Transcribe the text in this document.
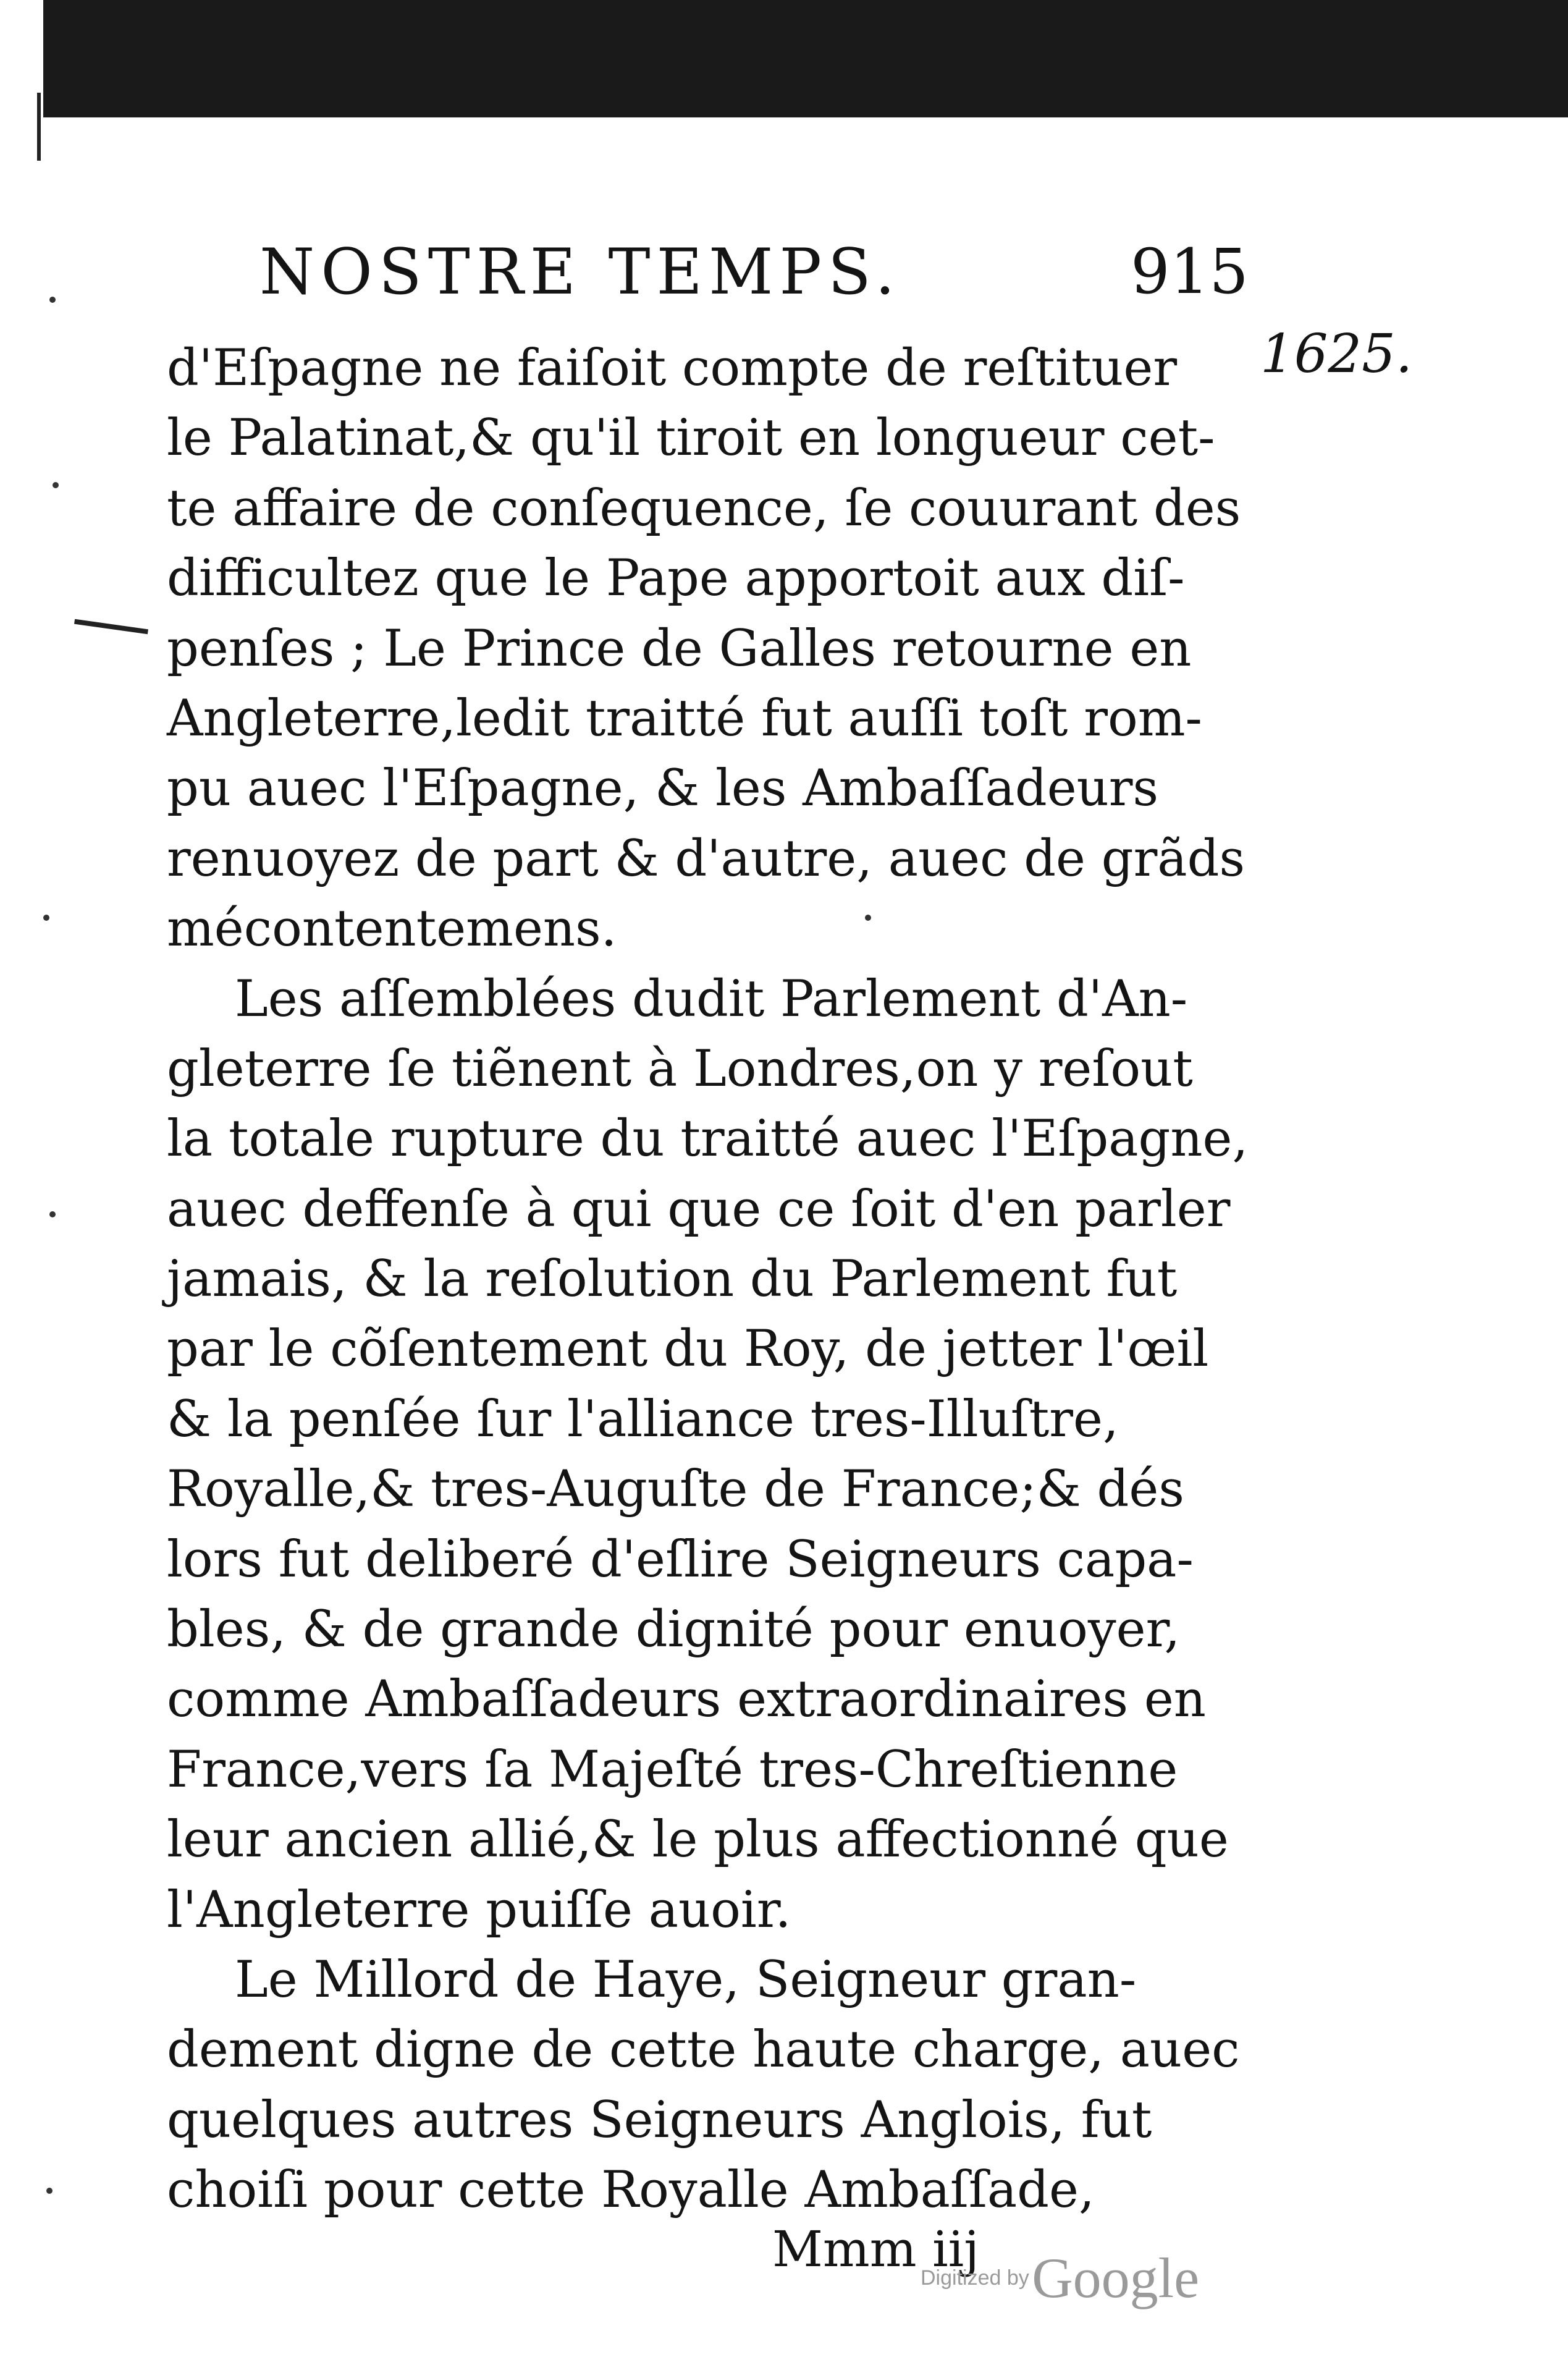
NOSTRE TEMPS.	915
1625.
d'Eſpagne ne faiſoit compte de reſtituer
le Palatinat,& qu'il tiroit en longueur cet-
te affaire de conſequence, ſe couurant des
difficultez que le Pape apportoit aux diſ-
penſes ; Le Prince de Galles retourne en
Angleterre,ledit traitté fut auſſi toſt rom-
pu auec l'Eſpagne, & les Ambaſſadeurs
renuoyez de part & d'autre, auec de grãds
mécontentemens.
Les aſſemblées dudit Parlement d'An-
gleterre ſe tiẽnent à Londres,on y reſout
la totale rupture du traitté auec l'Eſpagne,
auec deffenſe à qui que ce ſoit d'en parler
jamais, & la reſolution du Parlement fut
par le cõſentement du Roy, de jetter l'œil
& la penſée ſur l'alliance tres-Illuſtre,
Royalle,& tres-Auguſte de France;& dés
lors fut deliberé d'eſlire Seigneurs capa-
bles, & de grande dignité pour enuoyer,
comme Ambaſſadeurs extraordinaires en
France,vers ſa Majeſté tres-Chreſtienne
leur ancien allié,& le plus affectionné que
l'Angleterre puiſſe auoir.
Le Millord de Haye, Seigneur gran-
dement digne de cette haute charge, auec
quelques autres Seigneurs Anglois, fut
choiſi pour cette Royalle Ambaſſade,
Mmm iij
Digitized by Google
